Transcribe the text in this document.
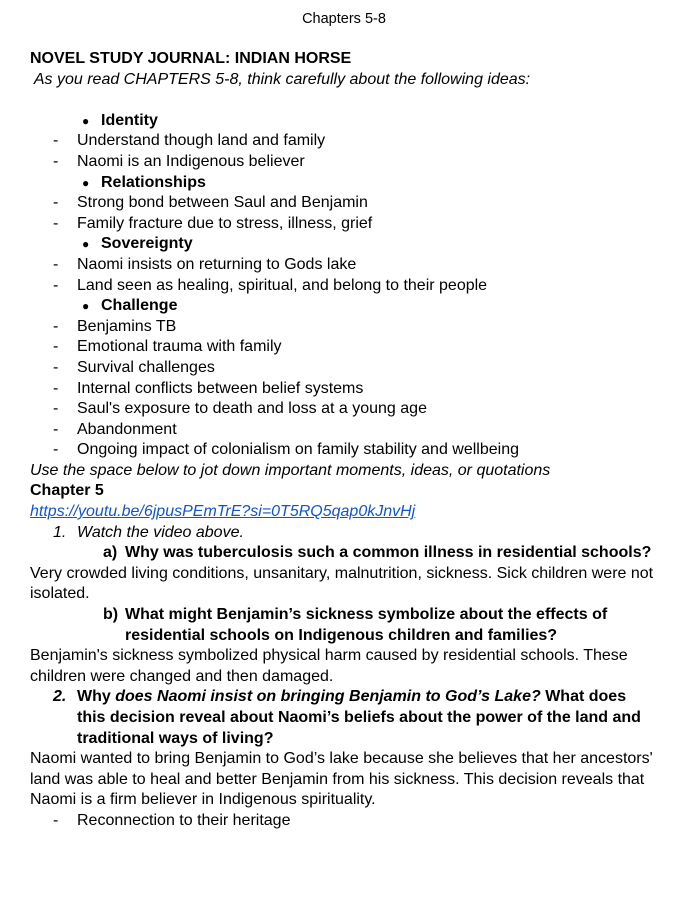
Chapters 5-8
NOVEL STUDY JOURNAL: INDIAN HORSE
As you read CHAPTERS 5-8, think carefully about the following ideas:
● Identity
- Understand though land and family
- Naomi is an Indigenous believer
● Relationships
- Strong bond between Saul and Benjamin
- Family fracture due to stress, illness, grief
● Sovereignty
- Naomi insists on returning to Gods lake
- Land seen as healing, spiritual, and belong to their people
● Challenge
- Benjamins TB
- Emotional trauma with family
- Survival challenges
- Internal conflicts between belief systems
- Saul's exposure to death and loss at a young age
- Abandonment
- Ongoing impact of colonialism on family stability and wellbeing
Use the space below to jot down important moments, ideas, or quotations
Chapter 5
https://youtu.be/6jpusPEmTrE?si=0T5RQ5qap0kJnvHj
1. Watch the video above.
a) Why was tuberculosis such a common illness in residential schools?
Very crowded living conditions, unsanitary, malnutrition, sickness. Sick children were not isolated.
b) What might Benjamin’s sickness symbolize about the effects of residential schools on Indigenous children and families?
Benjamin's sickness symbolized physical harm caused by residential schools. These children were changed and then damaged.
2. Why does Naomi insist on bringing Benjamin to God’s Lake? What does this decision reveal about Naomi’s beliefs about the power of the land and traditional ways of living?
Naomi wanted to bring Benjamin to God’s lake because she believes that her ancestors' land was able to heal and better Benjamin from his sickness. This decision reveals that Naomi is a firm believer in Indigenous spirituality.
- Reconnection to their heritage
